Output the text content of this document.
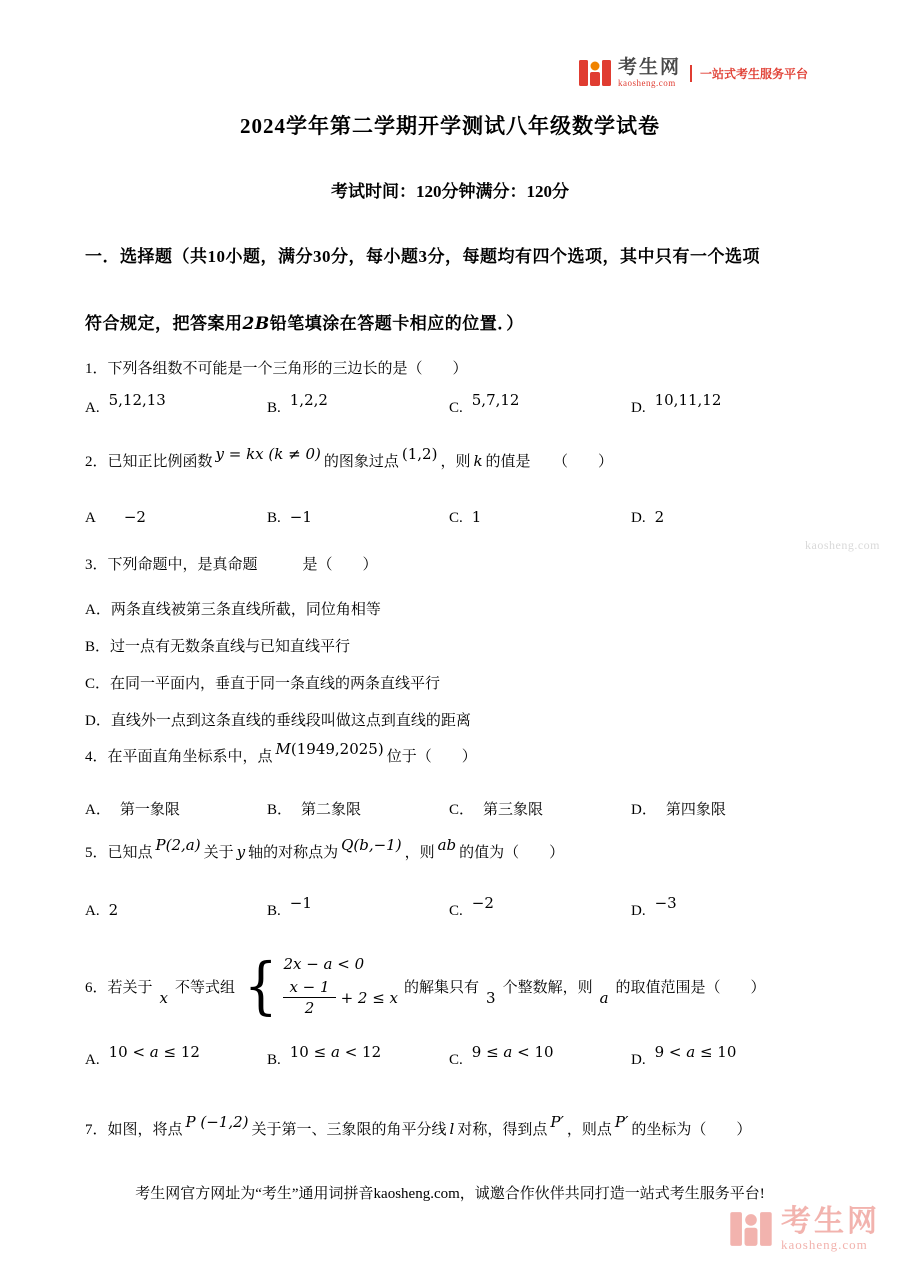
考生网
kaosheng.com
一站式考生服务平台
2024学年第二学期开学测试八年级数学试卷
考试时间：120分钟满分：120分
一．选择题（共10小题，满分30分，每小题3分，每题均有四个选项，其中只有一个选项
符合规定，把答案用2B铅笔填涂在答题卡相应的位置．）
1．下列各组数不可能是一个三角形的三边长的是（　　）
A. 5,12,13	B. 1,2,2	C. 5,7,12	D. 10,11,12
2．已知正比例函数 y = kx (k ≠ 0) 的图象过点 (1,2) ，则 k 的值是　　（　　）
A −2	B. −1	C. 1	D. 2
3．下列命题中，是真命题　　　是（　　）
A．两条直线被第三条直线所截，同位角相等
B．过一点有无数条直线与已知直线平行
C．在同一平面内，垂直于同一条直线的两条直线平行
D．直线外一点到这条直线的垂线段叫做这点到直线的距离
4．在平面直角坐标系中，点 M(1949,2025) 位于（　　）
A． 第一象限	B． 第二象限	C． 第三象限	D． 第四象限
5．已知点 P(2,a) 关于 y 轴的对称点为 Q(b,−1) ，则 ab 的值为（　　）
A. 2	B. −1	C. −2	D. −3
6．若关于
x
不等式组 { 2x − a < 0
$\frac{x - 1}{2} + 2 \le x$
的解集只有
3
个整数解，则
a
的取值范围是（　　）
A. 10 < a ≤ 12	B. 10 ≤ a < 12	C. 9 ≤ a < 10	D. 9 < a ≤ 10
7．如图，将点 P (−1,2) 关于第一、三象限的角平分线 l 对称，得到点 P′ ，则点 P′ 的坐标为（　　）
考生网官方网址为“考生”通用词拼音kaosheng.com，诚邀合作伙伴共同打造一站式考生服务平台!
kaosheng.com
考生网
kaosheng.com
